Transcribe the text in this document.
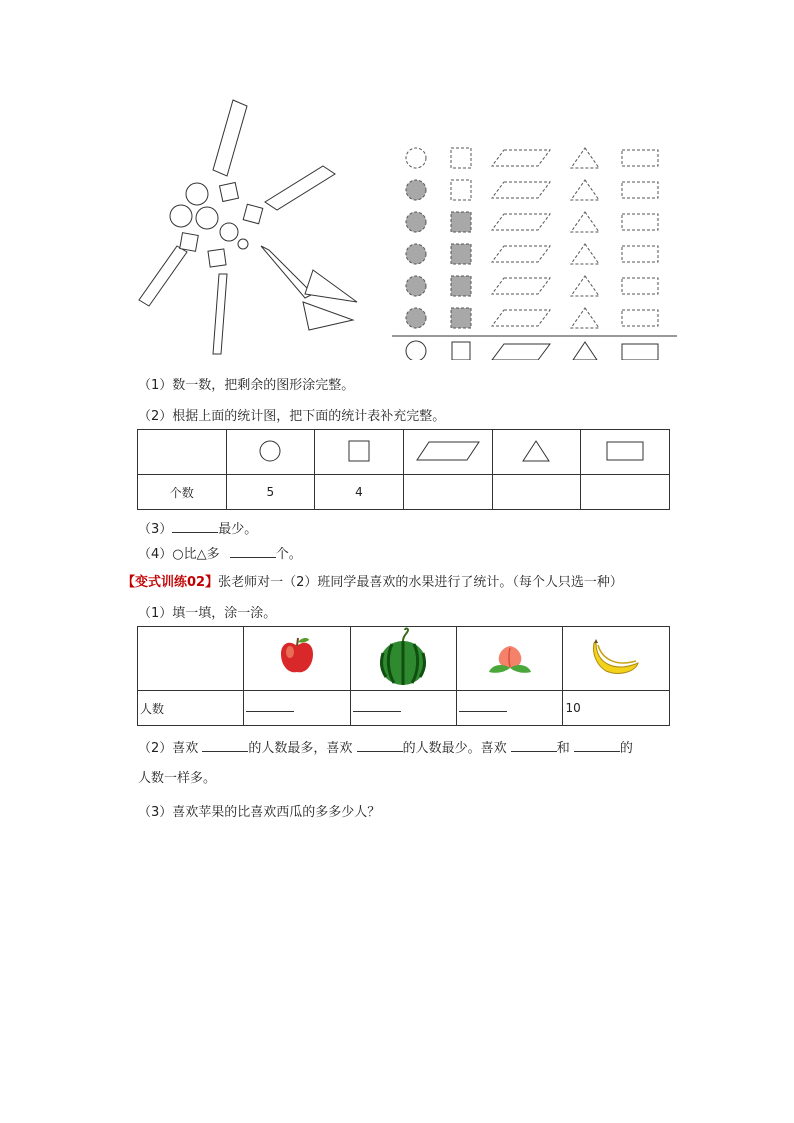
（1）数一数，把剩余的图形涂完整。
（2）根据上面的统计图，把下面的统计表补充完整。

个数	5	4			
（3）	最少。
（4）○比△多	个。
【变式训练02】张老师对一（2）班同学最喜欢的水果进行了统计。（每个人只选一种）
（1）填一填，涂一涂。

人数				10
（2）喜欢	的人数最多，喜欢	的人数最少。喜欢	和	的
人数一样多。
（3）喜欢苹果的比喜欢西瓜的多多少人？
